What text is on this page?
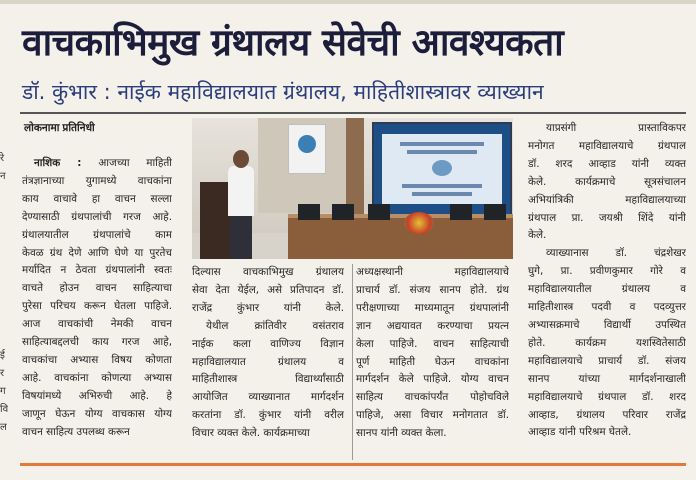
वाचकाभिमुख ग्रंथालय सेवेची आवश्यकता
डॉ. कुंभार : नाईक महाविद्यालयात ग्रंथालय, माहितीशास्त्रावर व्याख्यान
लोकनामा प्रतिनिधी
रे
न

ई
र
ग
वि
ल

नाशिक : आजच्या माहिती

तंत्रज्ञानाच्या युगामध्ये वाचकांना

काय वाचावे हा वाचन सल्ला

देण्यासाठी ग्रंथपालांची गरज आहे.

ग्रंथालयातील ग्रंथपालांचे काम

केवळ ग्रंथ देणे आणि घेणे या पुरतेच

मर्यादित न ठेवता ग्रंथपालांनी स्वतः

वाचते होउन वाचन साहित्याचा

पुरेसा परिचय करून घेतला पाहिजे.

आज वाचकांची नेमकी वाचन

साहित्याबद्दलची काय गरज आहे,

वाचकांचा अभ्यास विषय कोणता

आहे. वाचकांना कोणत्या अभ्यास

विषयांमध्ये अभिरुची आहे. हे

जाणून घेऊन योग्य वाचकास योग्य

वाचन साहित्य उपलब्ध करून

दिल्यास वाचकाभिमुख ग्रंथालय

सेवा देता येईल, असे प्रतिपादन डॉ.

राजेंद्र कुंभार यांनी केले.

येथील क्रांतिवीर वसंतराव

नाईक कला वाणिज्य विज्ञान

महाविद्यालयात ग्रंथालय व

माहितीशास्त्र विद्यार्थ्यांसाठी

आयोजित व्याख्यानात मार्गदर्शन

करतांना डॉ. कुंभार यांनी वरील

विचार व्यक्त केले. कार्यक्रमाच्या

अध्यक्षस्थानी महाविद्यालयाचे

प्राचार्य डॉ. संजय सानप होते. ग्रंथ

परीक्षणाच्या माध्यमातून ग्रंथपालांनी

ज्ञान अद्ययावत करण्याचा प्रयत्न

केला पाहिजे. वाचन साहित्याची

पूर्ण माहिती घेऊन वाचकांना

मार्गदर्शन केले पाहिजे. योग्य वाचन

साहित्य वाचकांपर्यंत पोहोचविले

पाहिजे, असा विचार मनोगतात डॉ.

सानप यांनी व्यक्त केला.

याप्रसंगी प्रास्ताविकपर

मनोगत महाविद्यालयाचे ग्रंथपाल

डॉ. शरद आव्हाड यांनी व्यक्त

केले. कार्यक्रमाचे सूत्रसंचालन

अभियांत्रिकी महाविद्यालयाच्या

ग्रंथपाल प्रा. जयश्री शिंदे यांनी

केले.

व्याख्यानास डॉ. चंद्रशेखर

घुगे, प्रा. प्रवीणकुमार गोरे व

महाविद्यालयातील ग्रंथालय व

माहितीशास्त्र पदवी व पदव्युत्तर

अभ्यासक्रमाचे विद्यार्थी उपस्थित

होते. कार्यक्रम यशस्वितेसाठी

महाविद्यालयाचे प्राचार्य डॉ. संजय

सानप यांच्या मार्गदर्शनाखाली

महाविद्यालयाचे ग्रंथपाल डॉ. शरद

आव्हाड, ग्रंथालय परिवार राजेंद्र

आव्हाड यांनी परिश्रम घेतले.
